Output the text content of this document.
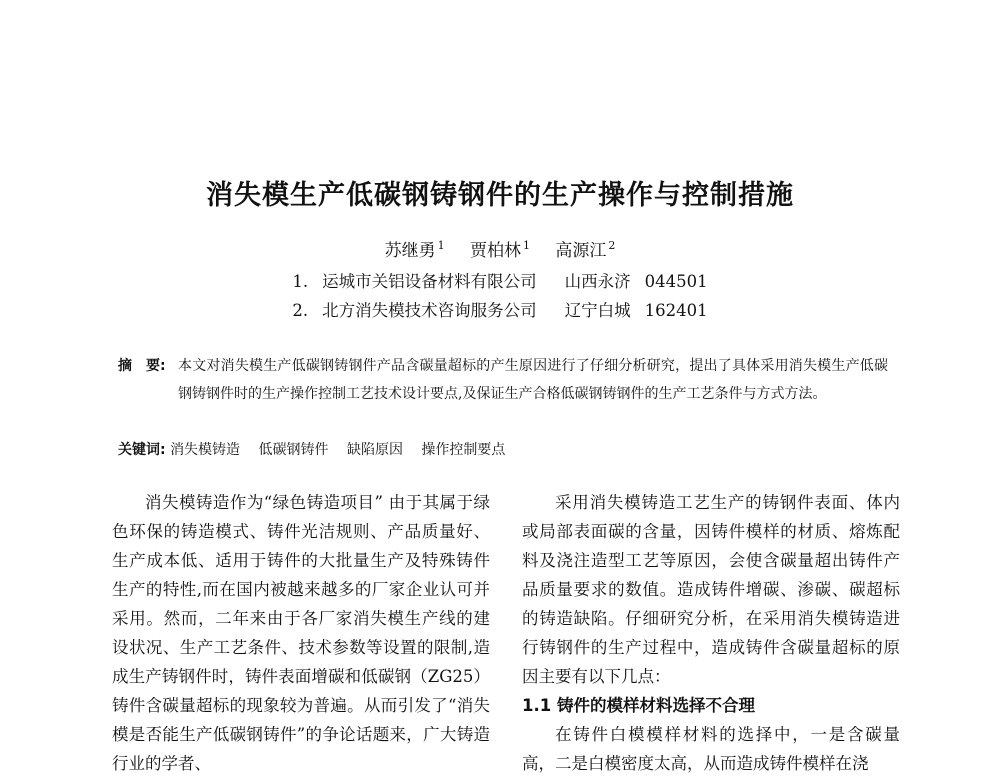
消失模生产低碳钢铸钢件的生产操作与控制措施
苏继勇 $^1$ 贾柏林 $^1$ 高源江 $^2$
1. 运城市关铝设备材料有限公司 山西永济 044501
2. 北方消失模技术咨询服务公司 辽宁白城 162401
摘　要: 本文对消失模生产低碳钢铸钢件产品含碳量超标的产生原因进行了仔细分析研究，提出了具体采用消失模生产低碳钢铸钢件时的生产操作控制工艺技术设计要点,及保证生产合格低碳钢铸钢件的生产工艺条件与方式方法。
关键词: 消失模铸造 低碳钢铸件 缺陷原因 操作控制要点

消失模铸造作为“绿色铸造项目” 由于其属于绿色环保的铸造模式、铸件光洁规则、产品质量好、生产成本低、适用于铸件的大批量生产及特殊铸件生产的特性,而在国内被越来越多的厂家企业认可并采用。然而，二年来由于各厂家消失模生产线的建设状况、生产工艺条件、技术参数等设置的限制,造成生产铸钢件时，铸件表面增碳和低碳钢（ZG25）铸件含碳量超标的现象较为普遍。从而引发了“消失模是否能生产低碳钢铸件”的争论话题来，广大铸造行业的学者、

采用消失模铸造工艺生产的铸钢件表面、体内或局部表面碳的含量，因铸件模样的材质、熔炼配料及浇注造型工艺等原因，会使含碳量超出铸件产品质量要求的数值。造成铸件增碳、渗碳、碳超标的铸造缺陷。仔细研究分析，在采用消失模铸造进行铸钢件的生产过程中，造成铸件含碳量超标的原因主要有以下几点：

1.1 铸件的模样材料选择不合理

在铸件白模模样材料的选择中，一是含碳量高，二是白模密度太高，从而造成铸件模样在浇
